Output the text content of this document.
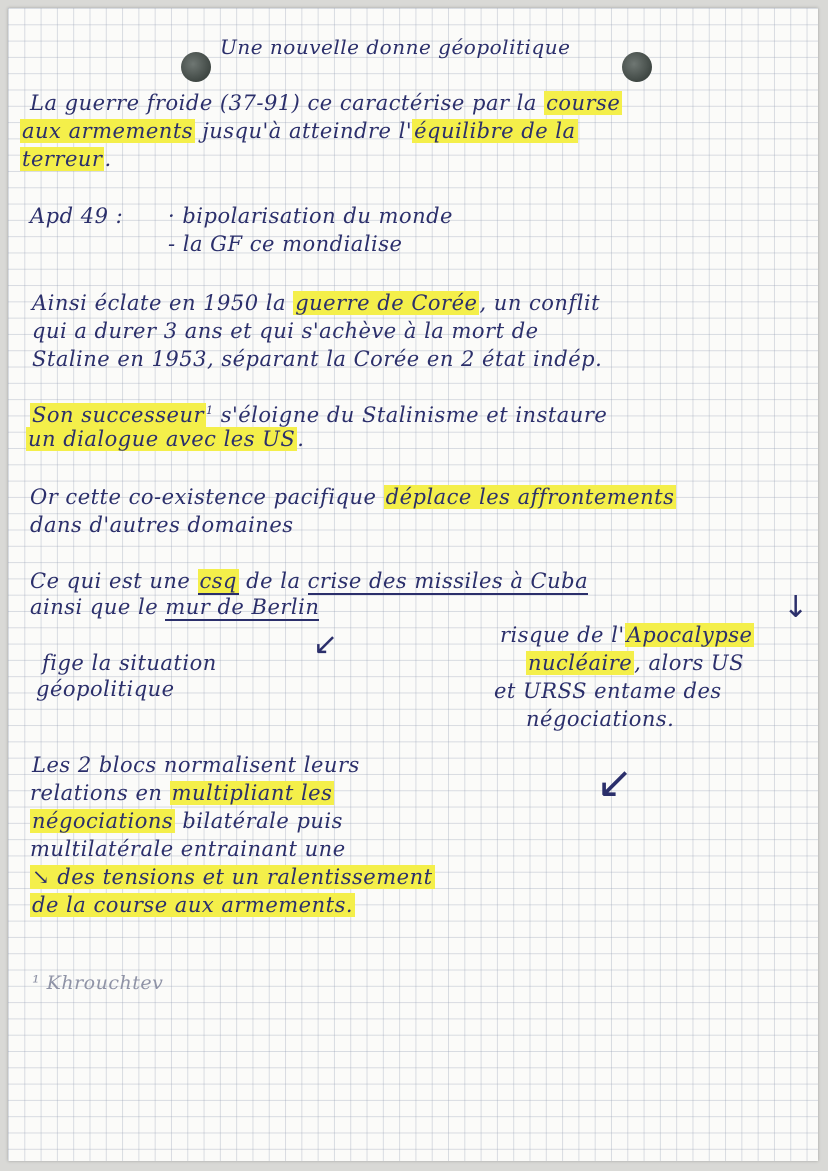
Une nouvelle donne géopolitique

La guerre froide (37-91) ce caractérise par la course

aux armements jusqu'à atteindre l'équilibre de la

terreur.

Apd 49 : · bipolarisation du monde

- la GF ce mondialise

Ainsi éclate en 1950 la guerre de Corée, un conflit

qui a durer 3 ans et qui s'achève à la mort de

Staline en 1953, séparant la Corée en 2 état indép.

Son successeur $^1$ s'éloigne du Stalinisme et instaure

un dialogue avec les US.

Or cette co-existence pacifique déplace les affrontements

dans d'autres domaines

Ce qui est une csq de la crise des missiles à Cuba

ainsi que le mur de Berlin	↓
↙

fige la situation

géopolitique

risque de l'Apocalypse

nucléaire, alors US

et URSS entame des

négociations.

↙

Les 2 blocs normalisent leurs

relations en multipliant les

négociations bilatérale puis

multilatérale entrainant une

↘ des tensions et un ralentissement

de la course aux armements.

¹ Khrouchtev
